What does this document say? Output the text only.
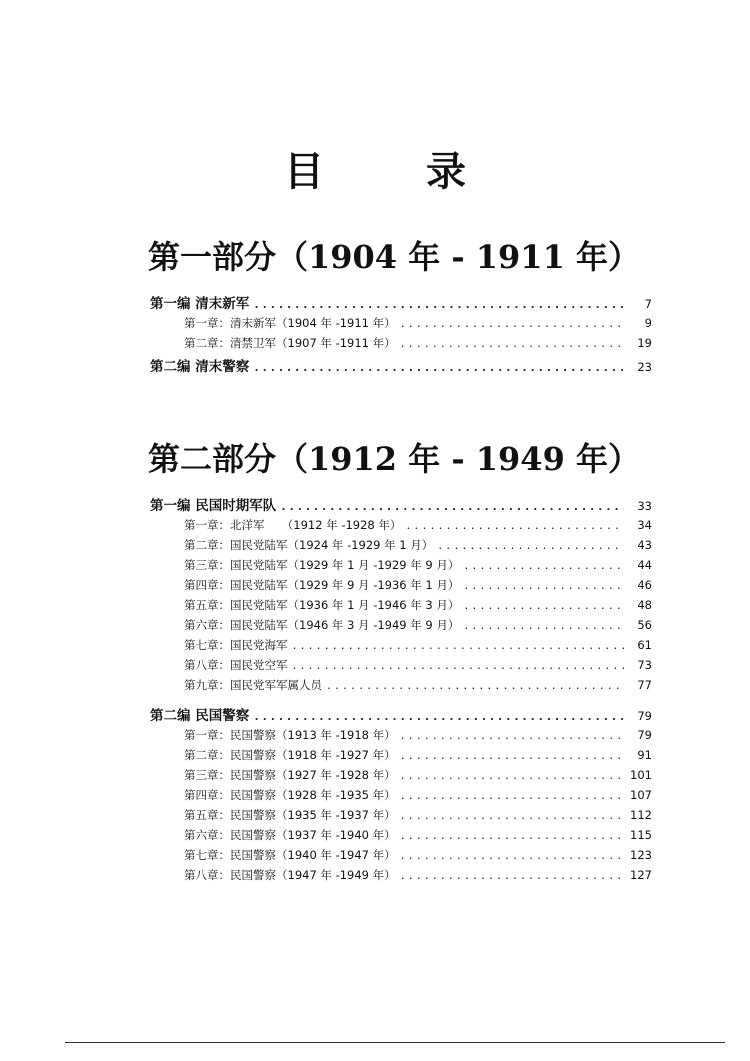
目 录
第一部分（1904 年 - 1911 年）
第一编 清末新军 .....	7
第一章：清末新军（1904 年 -1911 年） .....	9
第二章：清禁卫军（1907 年 -1911 年） .....	19
第二编 清末警察 .....	23
第二部分（1912 年 - 1949 年）
第一编 民国时期军队 .....	33
第一章：北洋军　　（1912 年 -1928 年） .....	34
第二章：国民党陆军（1924 年 -1929 年 1 月） .....	43
第三章：国民党陆军（1929 年 1 月 -1929 年 9 月） .....	44
第四章：国民党陆军（1929 年 9 月 -1936 年 1 月） .....	46
第五章：国民党陆军（1936 年 1 月 -1946 年 3 月） .....	48
第六章：国民党陆军（1946 年 3 月 -1949 年 9 月） .....	56
第七章：国民党海军 .....	61
第八章：国民党空军 .....	73
第九章：国民党军军属人员 .....	77
第二编 民国警察 .....	79
第一章：民国警察（1913 年 -1918 年） .....	79
第二章：民国警察（1918 年 -1927 年） .....	91
第三章：民国警察（1927 年 -1928 年） .....	101
第四章：民国警察（1928 年 -1935 年） .....	107
第五章：民国警察（1935 年 -1937 年） .....	112
第六章：民国警察（1937 年 -1940 年） .....	115
第七章：民国警察（1940 年 -1947 年） .....	123
第八章：民国警察（1947 年 -1949 年） .....	127
